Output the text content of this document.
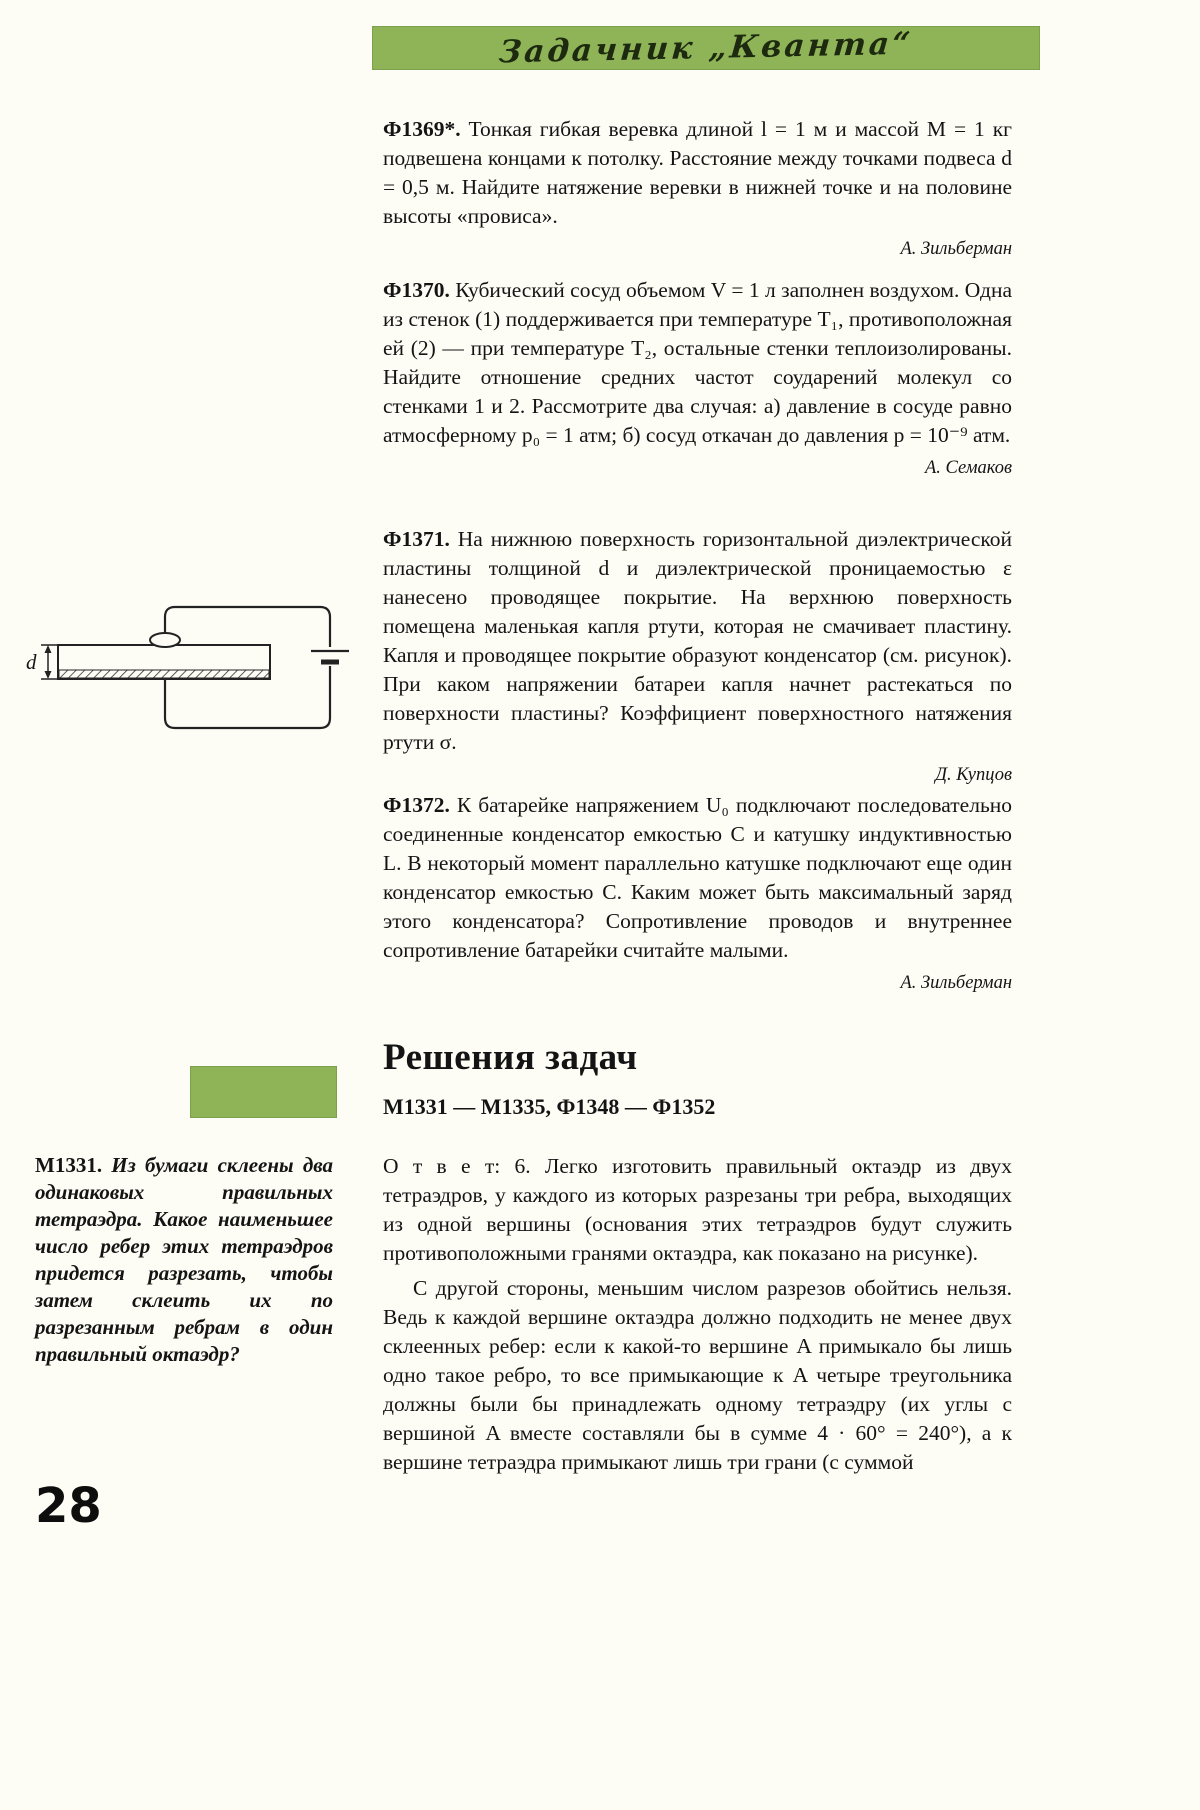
Задачник „Кванта“

Ф1369*. Тонкая гибкая веревка длиной l = 1 м и массой M = 1 кг подвешена концами к потолку. Расстояние между точками подвеса d = 0,5 м. Найдите натяжение веревки в нижней точке и на половине высоты «провиса».

А. Зильберман

Ф1370. Кубический сосуд объемом V = 1 л заполнен воздухом. Одна из стенок (1) поддерживается при температуре T₁, противоположная ей (2) — при температуре T₂, остальные стенки теплоизолированы. Найдите отношение средних частот соударений молекул со стенками 1 и 2. Рассмотрите два случая: а) давление в сосуде равно атмосферному p₀ = 1 атм; б) сосуд откачан до давления p = 10⁻⁹ атм.

А. Семаков

Ф1371. На нижнюю поверхность горизонтальной диэлектрической пластины толщиной d и диэлектрической проницаемостью ε нанесено проводящее покрытие. На верхнюю поверхность помещена маленькая капля ртути, которая не смачивает пластину. Капля и проводящее покрытие образуют конденсатор (см. рисунок). При каком напряжении батареи капля начнет растекаться по поверхности пластины? Коэффициент поверхностного натяжения ртути σ.

Д. Купцов
d

Ф1372. К батарейке напряжением U₀ подключают последовательно соединенные конденсатор емкостью C и катушку индуктивностью L. В некоторый момент параллельно катушке подключают еще один конденсатор емкостью C. Каким может быть максимальный заряд этого конденсатора? Сопротивление проводов и внутреннее сопротивление батарейки считайте малыми.

А. Зильберман
Решения задач

М1331 — М1335, Ф1348 — Ф1352

М1331. Из бумаги склеены два одинаковых правильных тетраэдра. Какое наименьшее число ребер этих тетраэдров придется разрезать, чтобы затем склеить их по разрезанным ребрам в один правильный октаэдр?

О т в е т: 6. Легко изготовить правильный октаэдр из двух тетраэдров, у каждого из которых разрезаны три ребра, выходящих из одной вершины (основания этих тетраэдров будут служить противоположными гранями октаэдра, как показано на рисунке).

С другой стороны, меньшим числом разрезов обойтись нельзя. Ведь к каждой вершине октаэдра должно подходить не менее двух склеенных ребер: если к какой-то вершине A примыкало бы лишь одно такое ребро, то все примыкающие к A четыре треугольника должны были бы принадлежать одному тетраэдру (их углы с вершиной A вместе составляли бы в сумме 4 · 60° = 240°), а к вершине тетраэдра примыкают лишь три грани (с суммой

28
